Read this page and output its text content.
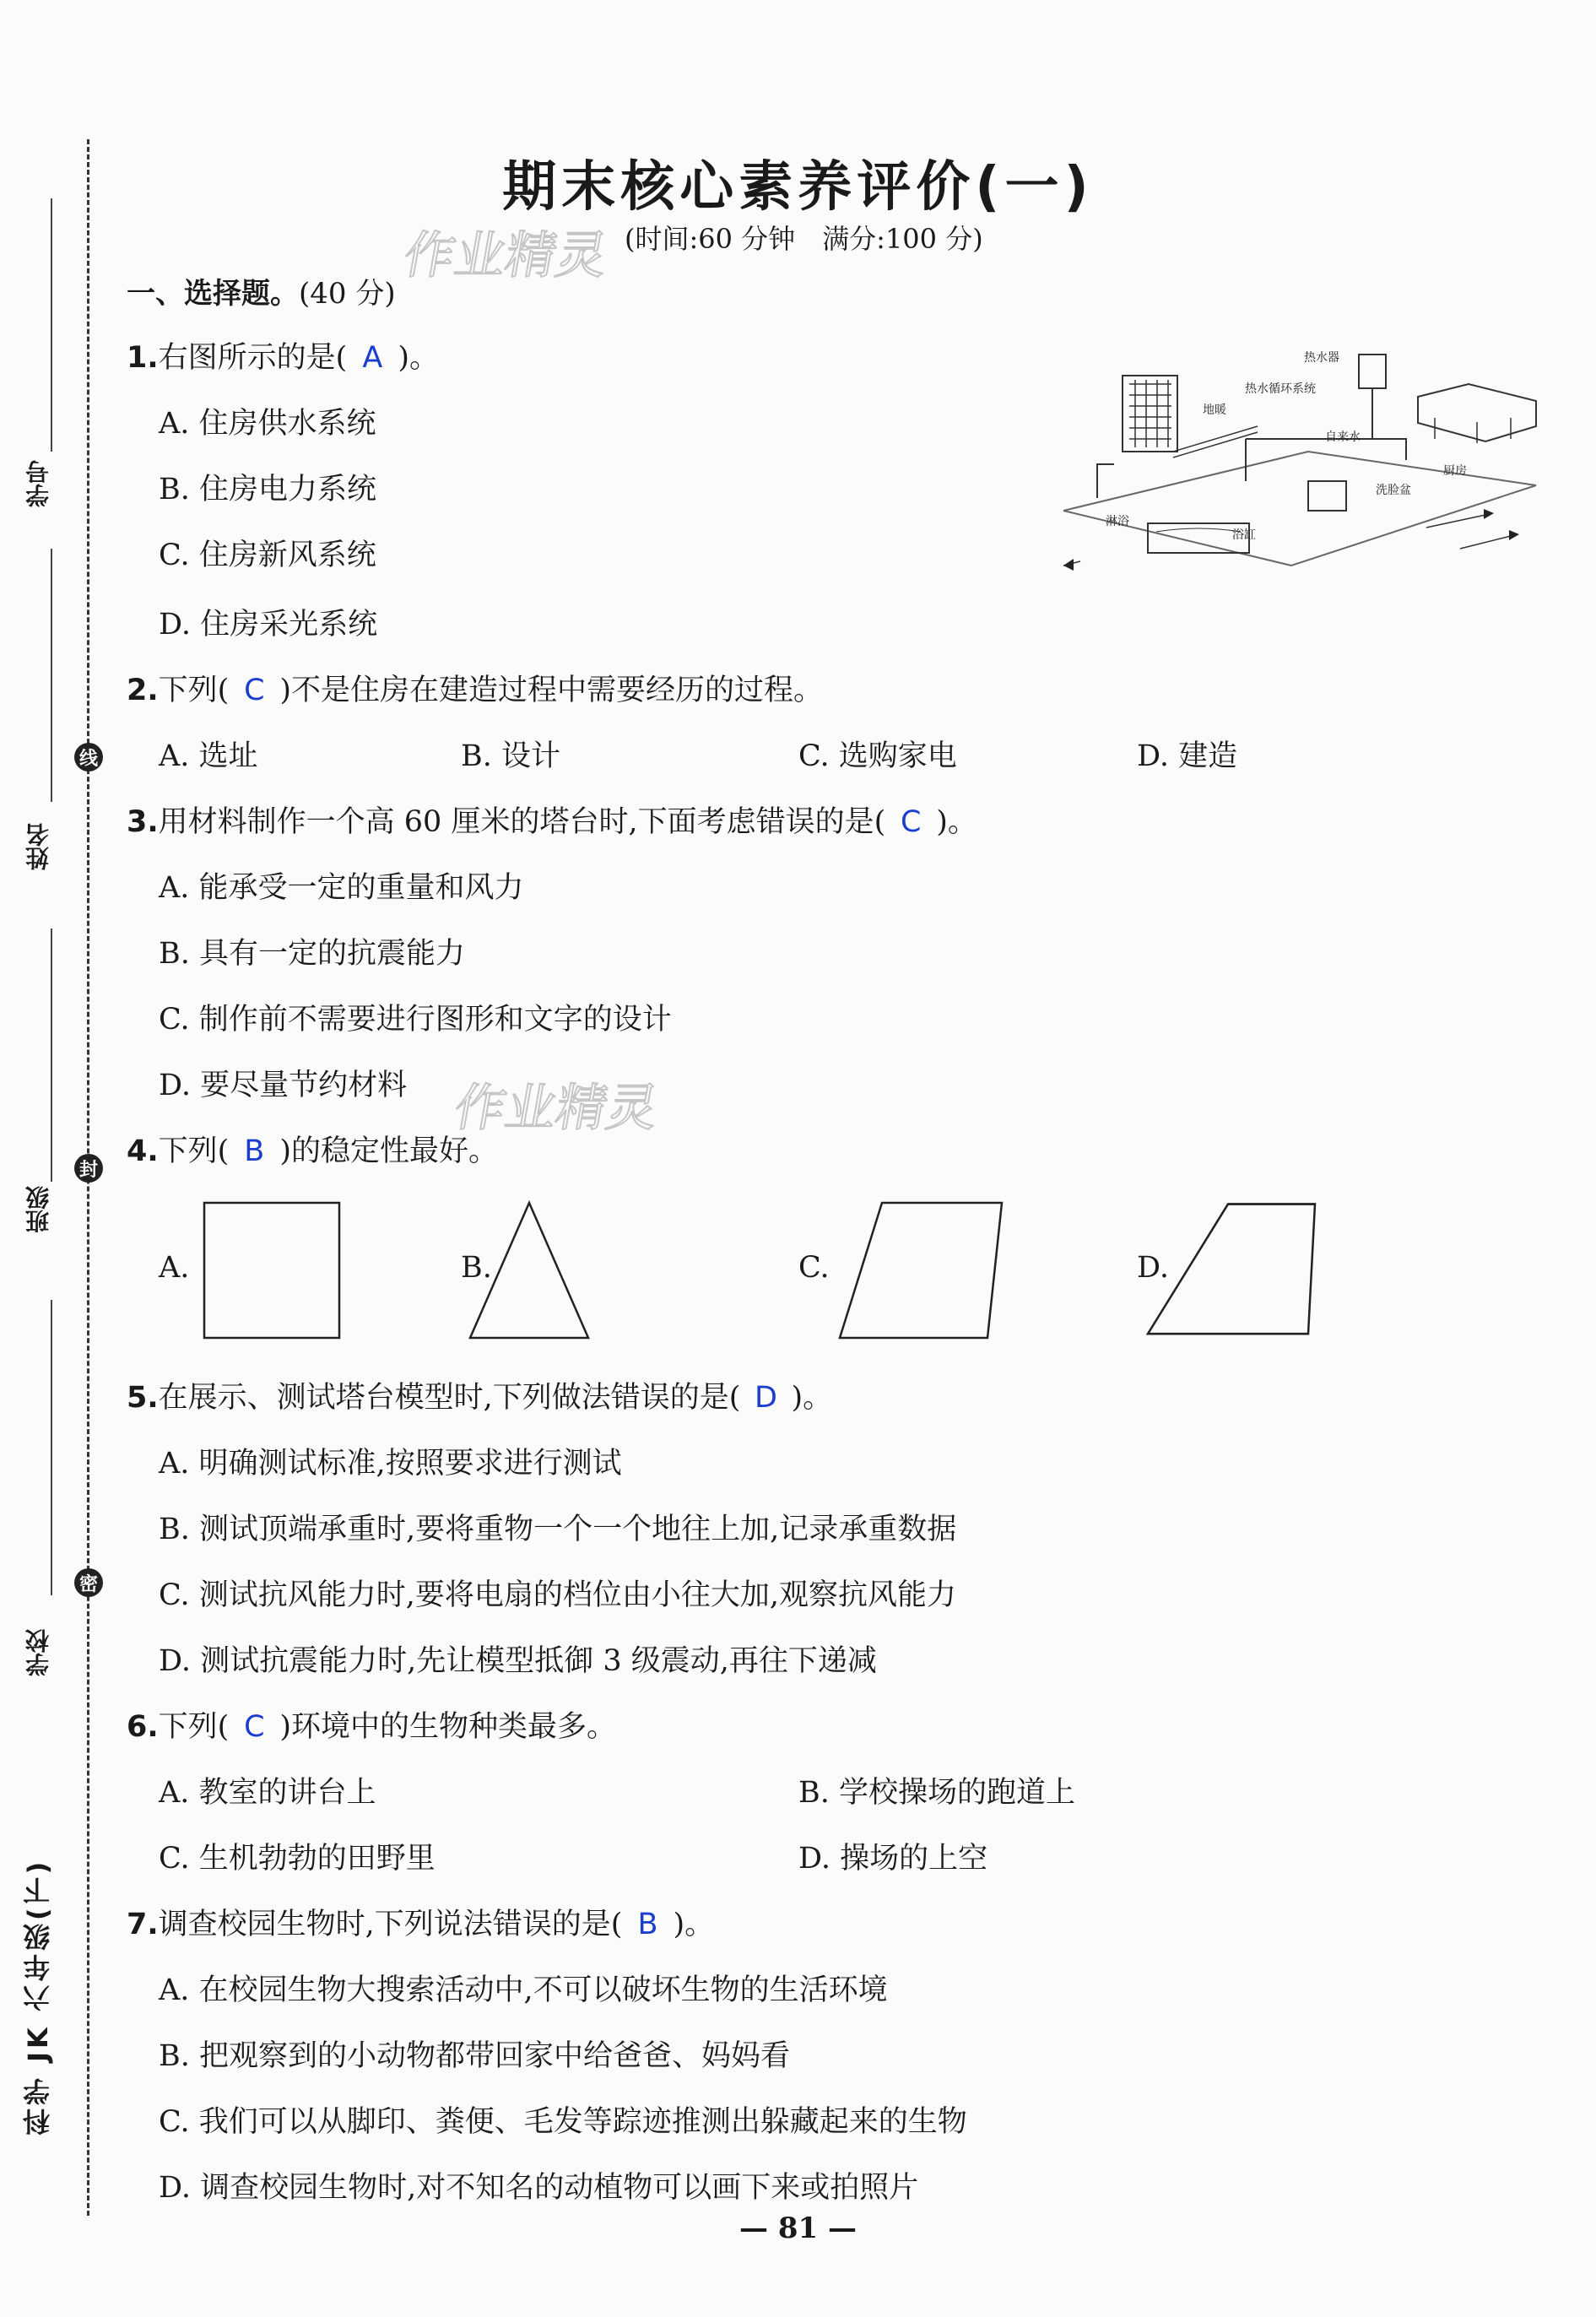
学号
姓名
班级
学校
线
封
密
科学 JK 六年级(下)
期末核心素养评价(一)
(时间:60 分钟　满分:100 分)
作业精灵
作业精灵
一、选择题。(40 分)
1.右图所示的是( A )。
A. 住房供水系统
B. 住房电力系统
C. 住房新风系统
D. 住房采光系统
热水器
热水循环系统
地暖
自来水
洗脸盆
厨房
淋浴
浴缸
2.下列( C )不是住房在建造过程中需要经历的过程。
A. 选址	B. 设计	C. 选购家电	D. 建造
3.用材料制作一个高 60 厘米的塔台时,下面考虑错误的是( C )。
A. 能承受一定的重量和风力
B. 具有一定的抗震能力
C. 制作前不需要进行图形和文字的设计
D. 要尽量节约材料
4.下列( B )的稳定性最好。
A.	B.	C.	D.
5.在展示、测试塔台模型时,下列做法错误的是( D )。
A. 明确测试标准,按照要求进行测试
B. 测试顶端承重时,要将重物一个一个地往上加,记录承重数据
C. 测试抗风能力时,要将电扇的档位由小往大加,观察抗风能力
D. 测试抗震能力时,先让模型抵御 3 级震动,再往下递减
6.下列( C )环境中的生物种类最多。
A. 教室的讲台上	B. 学校操场的跑道上
C. 生机勃勃的田野里	D. 操场的上空
7.调查校园生物时,下列说法错误的是( B )。
A. 在校园生物大搜索活动中,不可以破坏生物的生活环境
B. 把观察到的小动物都带回家中给爸爸、妈妈看
C. 我们可以从脚印、粪便、毛发等踪迹推测出躲藏起来的生物
D. 调查校园生物时,对不知名的动植物可以画下来或拍照片
— 81 —
